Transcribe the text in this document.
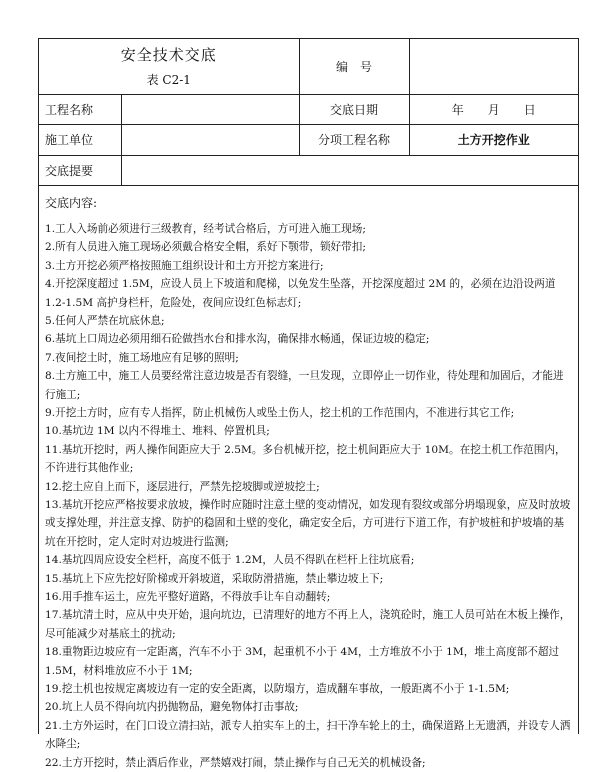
安全技术交底
表 C2-1		编　号	
工程名称		交底日期	年　　月　　日
施工单位		分项工程名称	土方开挖作业
交底提要			
交底内容:

1.工人入场前必须进行三级教育，经考试合格后，方可进入施工现场;

2.所有人员进入施工现场必须戴合格安全帽，系好下颚带，锁好带扣;

3.土方开挖必须严格按照施工组织设计和土方开挖方案进行;

4.开挖深度超过 1.5M，应设人员上下坡道和爬梯，以免发生坠落，开挖深度超过 2M 的，必须在边沿设两道 1.2-1.5M 高护身栏杆，危险处，夜间应设红色标志灯;

5.任何人严禁在坑底休息;

6.基坑上口周边必须用细石砼做挡水台和排水沟，确保排水畅通，保证边坡的稳定;

7.夜间挖土时，施工场地应有足够的照明;

8.土方施工中，施工人员要经常注意边坡是否有裂缝，一旦发现，立即停止一切作业，待处理和加固后，才能进行施工;

9.开挖土方时，应有专人指挥，防止机械伤人或坠土伤人，挖土机的工作范围内，不准进行其它工作;

10.基坑边 1M 以内不得堆土、堆料、停置机具;

11.基坑开挖时，两人操作间距应大于 2.5M。多台机械开挖，挖土机间距应大于 10M。在挖土机工作范围内，不许进行其他作业;

12.挖土应自上而下，逐层进行，严禁先挖坡脚或逆坡挖土;

13.基坑开挖应严格按要求放坡，操作时应随时注意土壁的变动情况，如发现有裂纹或部分坍塌现象，应及时放坡或支撑处理，并注意支撑、防护的稳固和土壁的变化，确定安全后，方可进行下道工作，有护坡桩和护坡墙的基坑在开挖时，定人定时对边坡进行监测;

14.基坑四周应设安全栏杆，高度不低于 1.2M，人员不得趴在栏杆上往坑底看;

15.基坑上下应先挖好阶梯或开斜坡道，采取防滑措施，禁止攀边坡上下;

16.用手推车运土，应先平整好道路，不得放手让车自动翻转;

17.基坑清土时，应从中央开始，退向坑边，已清理好的地方不再上人，浇筑砼时，施工人员可站在木板上操作，尽可能减少对基底土的扰动;

18.重物距边坡应有一定距离，汽车不小于 3M，起重机不小于 4M，土方堆放不小于 1M，堆土高度部不超过 1.5M，材料堆放应不小于 1M;

19.挖土机也按规定离坡边有一定的安全距离，以防塌方，造成翻车事故，一般距离不小于 1-1.5M;

20.坑上人员不得向坑内扔抛物品，避免物体打击事故;

21.土方外运时，在门口设立清扫站，派专人拍实车上的土，扫干净车轮上的土，确保道路上无遗洒，并设专人洒水降尘;

22.土方开挖时，禁止酒后作业，严禁嬉戏打闹，禁止操作与自己无关的机械设备;
